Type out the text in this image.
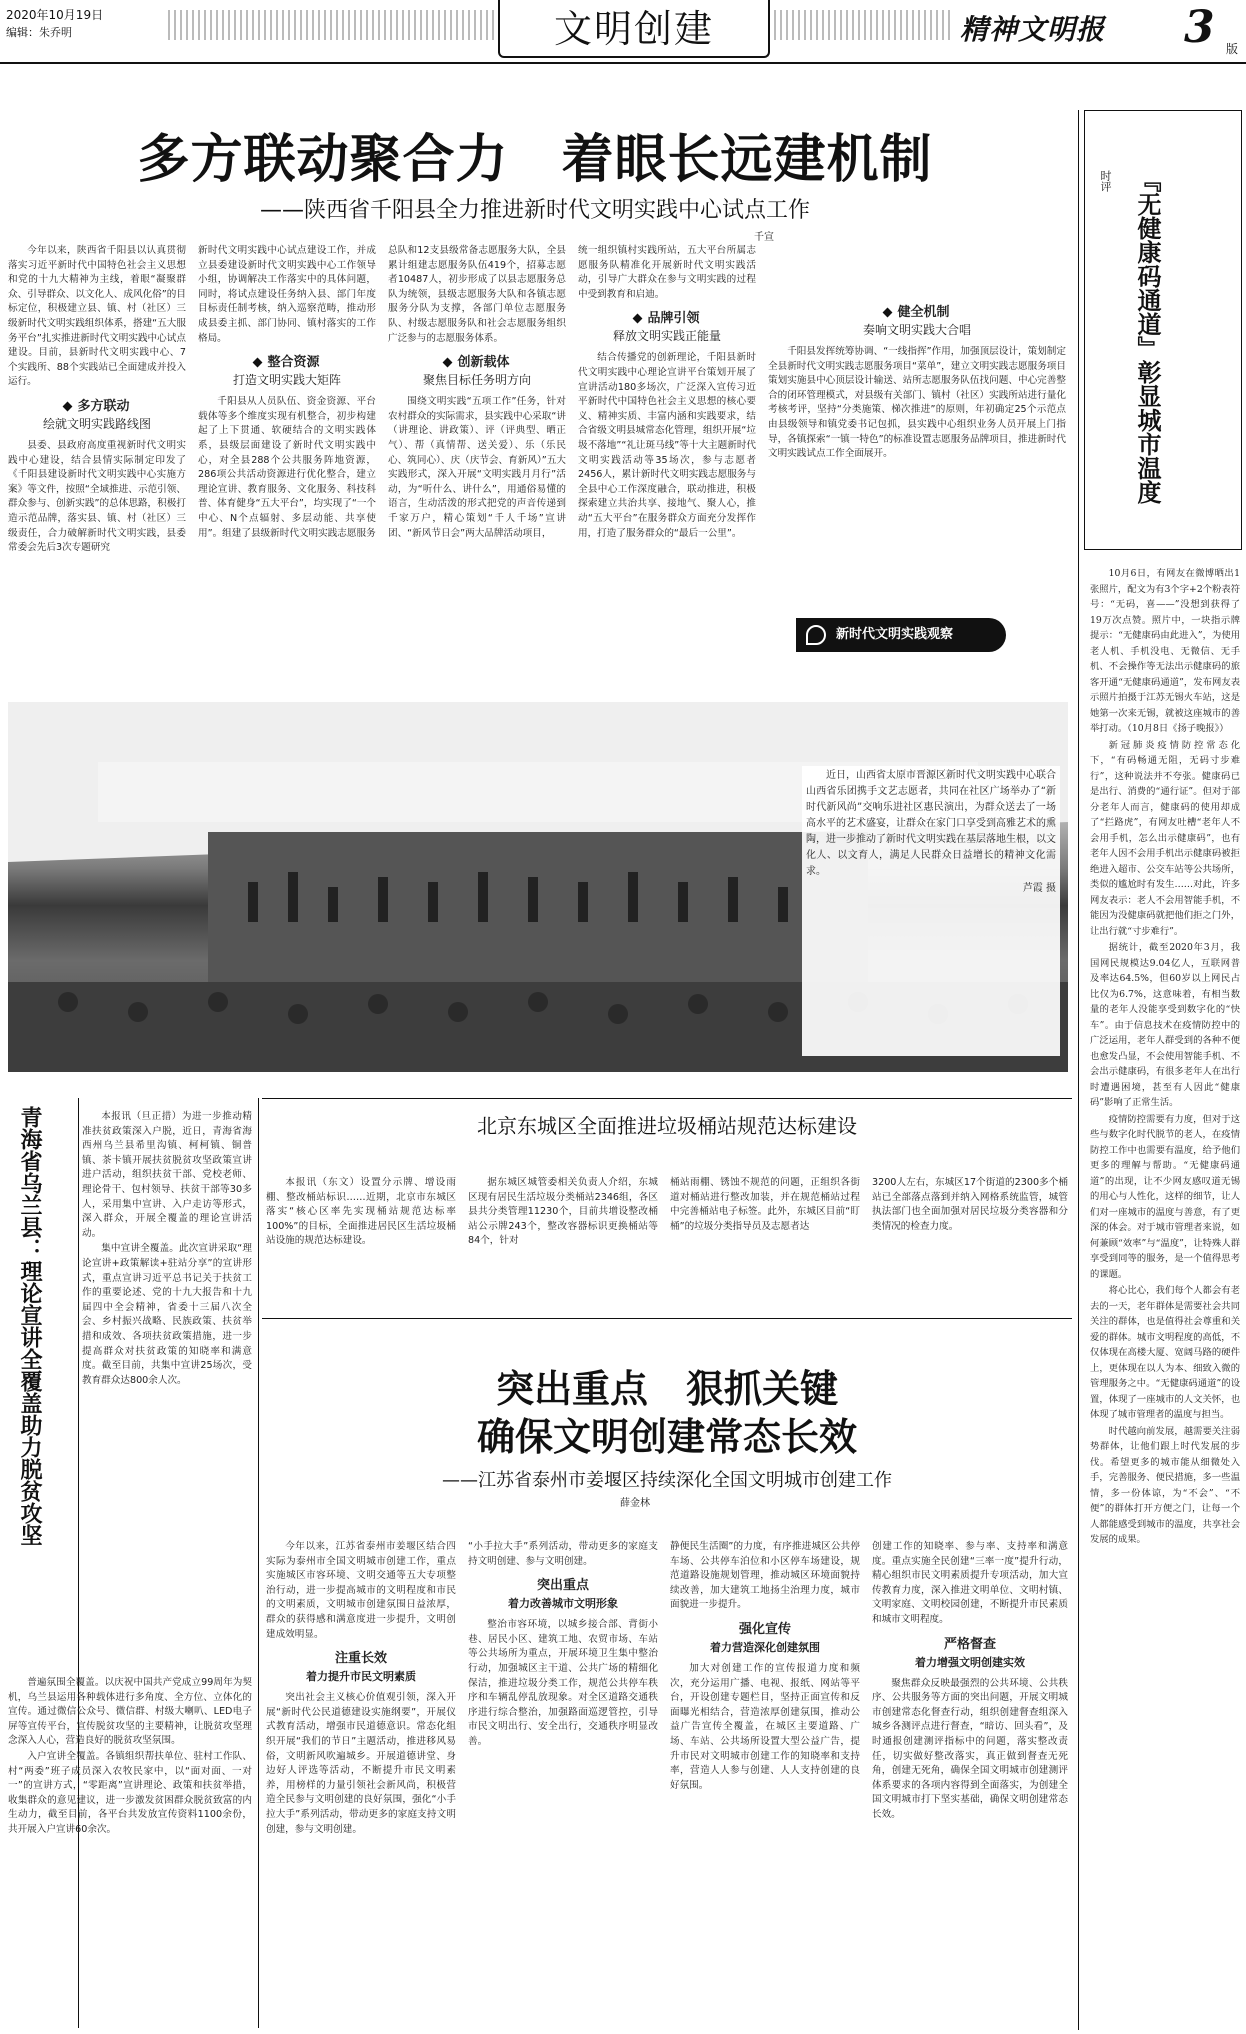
2020年10月19日
编辑：朱乔明	文明创建	精神文明报 3 版
多方联动聚合力　着眼长远建机制
——陕西省千阳县全力推进新时代文明实践中心试点工作
千宣

今年以来，陕西省千阳县以认真贯彻落实习近平新时代中国特色社会主义思想和党的十九大精神为主线，着眼“凝聚群众、引导群众、以文化人、成风化俗”的目标定位，积极建立县、镇、村（社区）三级新时代文明实践组织体系，搭建“五大服务平台”扎实推进新时代文明实践中心试点建设。目前，县新时代文明实践中心、7个实践所、88个实践站已全面建成并投入运行。

多方联动
绘就文明实践路线图

县委、县政府高度重视新时代文明实践中心建设，结合县情实际制定印发了《千阳县建设新时代文明实践中心实施方案》等文件，按照“全域推进、示范引领、群众参与、创新实践”的总体思路，积极打造示范品牌，落实县、镇、村（社区）三级责任，合力破解新时代文明实践，县委常委会先后3次专题研究

新时代文明实践中心试点建设工作，并成立县委建设新时代文明实践中心工作领导小组，协调解决工作落实中的具体问题，同时，将试点建设任务纳入县、部门年度目标责任制考核，纳入巡察范畴，推动形成县委主抓、部门协同、镇村落实的工作格局。

整合资源
打造文明实践大矩阵

千阳县从人员队伍、资金资源、平台载体等多个维度实现有机整合，初步构建起了上下贯通、软硬结合的文明实践体系，县级层面建设了新时代文明实践中心，对全县288个公共服务阵地资源，286项公共活动资源进行优化整合，建立理论宣讲、教育服务、文化服务、科技科普、体育健身“五大平台”，均实现了“一个中心、N个点辐射、多层动能、共享使用”。组建了县级新时代文明实践志愿服务

总队和12支县级常备志愿服务大队，全县累计组建志愿服务队伍419个，招募志愿者10487人，初步形成了以县志愿服务总队为统领，县级志愿服务大队和各镇志愿服务分队为支撑，各部门单位志愿服务队、村级志愿服务队和社会志愿服务组织广泛参与的志愿服务体系。

创新载体
聚焦目标任务明方向

围绕文明实践“五项工作”任务，针对农村群众的实际需求，县实践中心采取“讲（讲理论、讲政策）、评（评典型、晒正气）、帮（真情帮、送关爱）、乐（乐民心、筑同心）、庆（庆节会、育新风）”五大实践形式，深入开展“文明实践月月行”活动，为“听什么、讲什么”，用通俗易懂的语言，生动活泼的形式把党的声音传递到千家万户，精心策划“千人千场”宣讲团、“新风节日会”两大品牌活动项目，

统一组织镇村实践所站，五大平台所属志愿服务队精准化开展新时代文明实践活动，引导广大群众在参与文明实践的过程中受到教育和启迪。

品牌引领
释放文明实践正能量

结合传播党的创新理论，千阳县新时代文明实践中心理论宣讲平台策划开展了宣讲活动180多场次，广泛深入宣传习近平新时代中国特色社会主义思想的核心要义、精神实质、丰富内涵和实践要求，结合省级文明县城常态化管理，组织开展“垃圾不落地”“礼让斑马线”等十大主题新时代文明实践活动等35场次，参与志愿者2456人，累计新时代文明实践志愿服务与全县中心工作深度融合，联动推进，积极探索建立共治共享、接地气、聚人心，推动“五大平台”在服务群众方面充分发挥作用，打造了服务群众的“最后一公里”。

健全机制
奏响文明实践大合唱

千阳县发挥统筹协调、“一线指挥”作用，加强顶层设计，策划制定全县新时代文明实践志愿服务项目“菜单”，建立文明实践志愿服务项目策划实施县中心顶层设计输送、站所志愿服务队伍找问题、中心完善整合的闭环管理模式，对县级有关部门、镇村（社区）实践所站进行量化考核考评，坚持“分类施策、梯次推进”的原则，年初确定25个示范点由县级领导和镇党委书记包抓，县实践中心组织业务人员开展上门指导，各镇探索“一镇一特色”的标准设置志愿服务品牌项目，推进新时代文明实践试点工作全面展开。

新时代文明实践观察

近日，山西省太原市晋源区新时代文明实践中心联合山西省乐团携手文艺志愿者，共同在社区广场举办了“新时代新风尚”交响乐进社区惠民演出，为群众送去了一场高水平的艺术盛宴，让群众在家门口享受到高雅艺术的熏陶，进一步推动了新时代文明实践在基层落地生根，以文化人、以文育人，满足人民群众日益增长的精神文化需求。

芦霞 摄
时评 『无健康码通道』彰显城市温度

10月6日，有网友在微博晒出1张照片，配文为有3个字+2个粉表符号：“无码，喜——”没想到获得了19万次点赞。照片中，一块指示牌提示：“无健康码由此进入”，为使用老人机、手机没电、无微信、无手机、不会操作等无法出示健康码的旅客开通“无健康码通道”，发布网友表示照片拍摄于江苏无锡火车站，这是她第一次来无锡，就被这座城市的善举打动。（10月8日《扬子晚报》）

新冠肺炎疫情防控常态化下，“有码畅通无阻，无码寸步难行”，这种说法并不夸张。健康码已是出行、消费的“通行证”。但对于部分老年人而言，健康码的使用却成了“拦路虎”，有网友吐槽“老年人不会用手机，怎么出示健康码”，也有老年人因不会用手机出示健康码被拒绝进入超市、公交车站等公共场所，类似的尴尬时有发生……对此，许多网友表示：老人不会用智能手机，不能因为没健康码就把他们拒之门外，让出行就“寸步难行”。

据统计，截至2020年3月，我国网民规模达9.04亿人，互联网普及率达64.5%，但60岁以上网民占比仅为6.7%，这意味着，有相当数量的老年人没能享受到数字化的“快车”。由于信息技术在疫情防控中的广泛运用，老年人群受到的各种不便也愈发凸显，不会使用智能手机、不会出示健康码，有很多老年人在出行时遭遇困境，甚至有人因此“健康码”影响了正常生活。

疫情防控需要有力度，但对于这些与数字化时代脱节的老人，在疫情防控工作中也需要有温度，给予他们更多的理解与帮助。“无健康码通道”的出现，让不少网友感叹道无锡的用心与人性化，这样的细节，让人们对一座城市的温度与善意，有了更深的体会。对于城市管理者来说，如何兼顾“效率”与“温度”，让特殊人群享受到同等的服务，是一个值得思考的课题。

将心比心，我们每个人都会有老去的一天，老年群体是需要社会共同关注的群体，也是值得社会尊重和关爱的群体。城市文明程度的高低，不仅体现在高楼大厦、宽阔马路的硬件上，更体现在以人为本、细致入微的管理服务之中。“无健康码通道”的设置，体现了一座城市的人文关怀，也体现了城市管理者的温度与担当。

时代越向前发展，越需要关注弱势群体，让他们跟上时代发展的步伐。希望更多的城市能从细微处入手，完善服务、便民措施，多一些温情，多一份体谅，为“不会”、“不便”的群体打开方便之门，让每一个人都能感受到城市的温度，共享社会发展的成果。

青海省乌兰县：理论宣讲全覆盖助力脱贫攻坚	本报讯（旦正措）为进一步推动精准扶贫政策深入户脱，近日，青海省海西州乌兰县希里沟镇、柯柯镇、铜普镇、茶卡镇开展扶贫脱贫攻坚政策宣讲进户活动，组织扶贫干部、党校老师、理论骨干、包村领导、扶贫干部等30多人，采用集中宣讲、入户走访等形式，深入群众，开展全覆盖的理论宣讲活动。

集中宣讲全覆盖。此次宣讲采取“理论宣讲+政策解读+驻站分享”的宣讲形式，重点宣讲习近平总书记关于扶贫工作的重要论述、党的十九大报告和十九届四中全会精神，省委十三届八次全会、乡村振兴战略、民族政策、扶贫举措和成效、各项扶贫政策措施，进一步提高群众对扶贫政策的知晓率和满意度。截至目前，共集中宣讲25场次，受教育群众达800余人次。

普遍氛围全覆盖。以庆祝中国共产党成立99周年为契机，乌兰县运用各种载体进行多角度、全方位、立体化的宣传。通过微信公众号、微信群、村级大喇叭、LED电子屏等宣传平台，宣传脱贫攻坚的主要精神，让脱贫攻坚理念深入人心，营造良好的脱贫攻坚氛围。

入户宣讲全覆盖。各镇组织帮扶单位、驻村工作队、村“两委”班子成员深入农牧民家中，以“面对面、一对一”的宣讲方式，“零距离”宣讲理论、政策和扶贫举措，收集群众的意见建议，进一步激发贫困群众脱贫致富的内生动力，截至目前，各平台共发放宣传资料1100余份，共开展入户宣讲60余次。

北京东城区全面推进垃圾桶站规范达标建设

本报讯（东文）设置分示牌、增设雨棚、整改桶站标识……近期，北京市东城区落实“核心区率先实现桶站规范达标率100%”的目标，全面推进居民区生活垃圾桶站设施的规范达标建设。

据东城区城管委相关负责人介绍，东城区现有居民生活垃圾分类桶站2346组，各区县共分类管理11230个，目前共增设整改桶站公示牌243个，整改容器标识更换桶站等84个，针对

桶站雨棚、锈蚀不规范的问题，正组织各街道对桶站进行整改加装，并在规范桶站过程中完善桶站电子标签。此外，东城区目前“盯桶”的垃圾分类指导员及志愿者达

3200人左右，东城区17个街道的2300多个桶站已全部落点落到并纳入网格系统监管，城管执法部门也全面加强对居民垃圾分类容器和分类情况的检查力度。

突出重点　狠抓关键
确保文明创建常态长效
——江苏省泰州市姜堰区持续深化全国文明城市创建工作
薛金林

今年以来，江苏省泰州市姜堰区结合四实际为泰州市全国文明城市创建工作，重点实施城区市容环境、文明交通等五大专项整治行动，进一步提高城市的文明程度和市民的文明素质，文明城市创建氛围日益浓厚，群众的获得感和满意度进一步提升，文明创建成效明显。

注重长效
着力提升市民文明素质

突出社会主义核心价值观引领，深入开展“新时代公民道德建设实施纲要”，开展仪式教育活动，增强市民道德意识。常态化组织开展“我们的节日”主题活动，推进移风易俗，文明新风吹遍城乡。开展道德讲堂、身边好人评选等活动，不断提升市民文明素养，用榜样的力量引领社会新风尚，积极营造全民参与文明创建的良好氛围，强化“小手拉大手”系列活动，带动更多的家庭支持文明创建，参与文明创建。

“小手拉大手”系列活动，带动更多的家庭支持文明创建、参与文明创建。

突出重点
着力改善城市文明形象

整治市容环境，以城乡接合部、背街小巷、居民小区、建筑工地、农贸市场、车站等公共场所为重点，开展环境卫生集中整治行动，加强城区主干道、公共广场的精细化保洁，推进垃圾分类工作，规范公共停车秩序和车辆乱停乱放现象。对全区道路交通秩序进行综合整治，加强路面巡逻管控，引导市民文明出行、安全出行，交通秩序明显改善。

静便民生活圈”的力度，有序推进城区公共停车场、公共停车泊位和小区停车场建设，规范道路设施规划管理，推动城区环境面貌持续改善，加大建筑工地扬尘治理力度，城市面貌进一步提升。

强化宣传
着力营造深化创建氛围

加大对创建工作的宣传报道力度和频次，充分运用广播、电视、报纸、网站等平台，开设创建专题栏目，坚持正面宣传和反面曝光相结合，营造浓厚创建氛围，推动公益广告宣传全覆盖，在城区主要道路、广场、车站、公共场所设置大型公益广告，提升市民对文明城市创建工作的知晓率和支持率，营造人人参与创建、人人支持创建的良好氛围。

创建工作的知晓率、参与率、支持率和满意度。重点实施全民创建“三率一度”提升行动，精心组织市民文明素质提升专项活动，加大宣传教育力度，深入推进文明单位、文明村镇、文明家庭、文明校园创建，不断提升市民素质和城市文明程度。

严格督查
着力增强文明创建实效

聚焦群众反映最强烈的公共环境、公共秩序、公共服务等方面的突出问题，开展文明城市创建常态化督查行动，组织创建督查组深入城乡各测评点进行督查，“暗访、回头看”，及时通报创建测评指标中的问题，落实整改责任，切实做好整改落实，真正做到督查无死角，创建无死角，确保全国文明城市创建测评体系要求的各项内容得到全面落实，为创建全国文明城市打下坚实基础，确保文明创建常态长效。
